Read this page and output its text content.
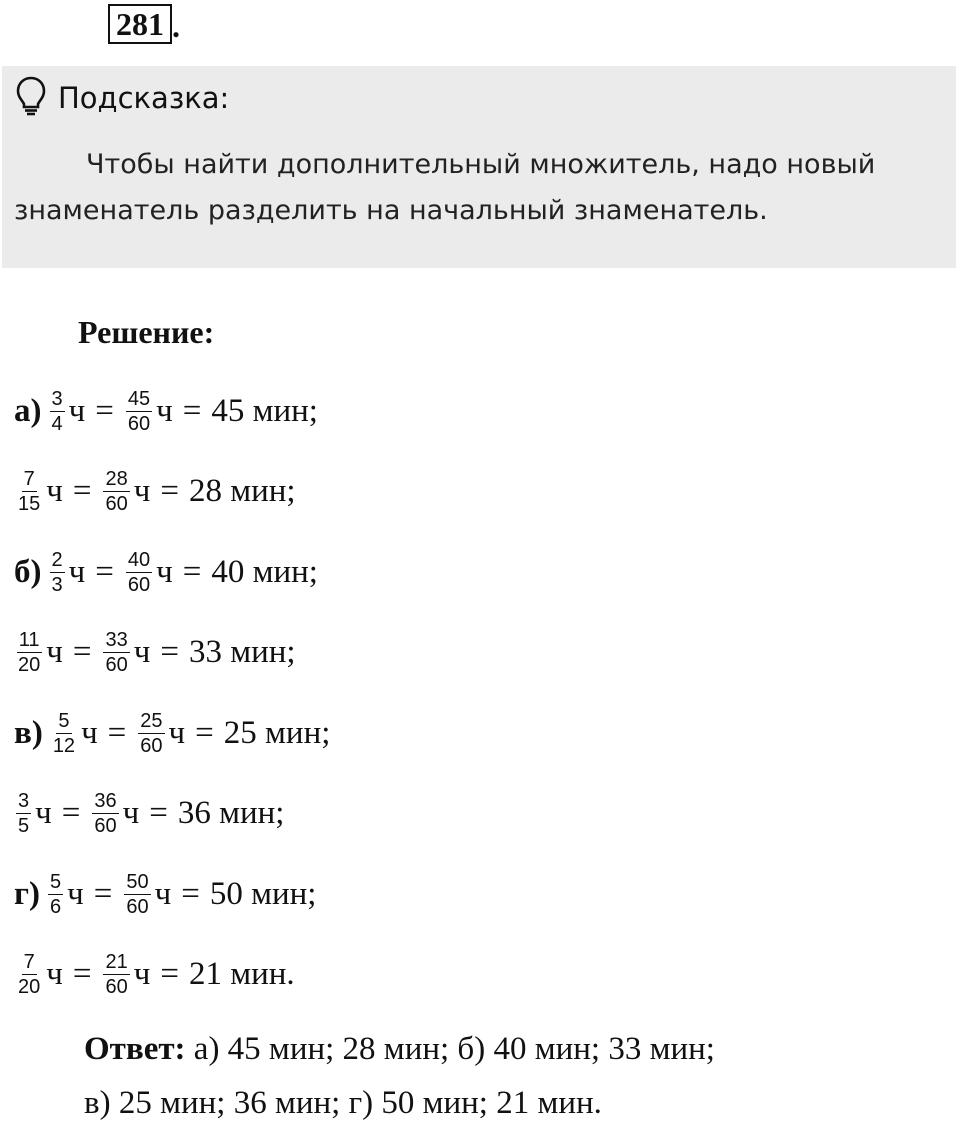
281 .
Подсказка:
Чтобы найти дополнительный множитель, надо новый
знаменатель разделить на начальный знаменатель.
Решение:
$а) \frac{3}{4}$ $ч = \frac{45}{60}$ ч = 45 мин;
$\frac{7}{15}$ $ч = \frac{28}{60}$ ч = 28 мин;
$б) \frac{2}{3}$ $ч = \frac{40}{60}$ ч = 40 мин;
$\frac{11}{20}$ $ч = \frac{33}{60}$ ч = 33 мин;
$в) \frac{5}{12}$ $ч = \frac{25}{60}$ ч = 25 мин;
$\frac{3}{5}$ $ч = \frac{36}{60}$ ч = 36 мин;
$г) \frac{5}{6}$ $ч = \frac{50}{60}$ ч = 50 мин;
$\frac{7}{20}$ $ч = \frac{21}{60}$ ч = 21 мин.
Ответ: а) 45 мин; 28 мин; б) 40 мин; 33 мин;
в) 25 мин; 36 мин; г) 50 мин; 21 мин.
